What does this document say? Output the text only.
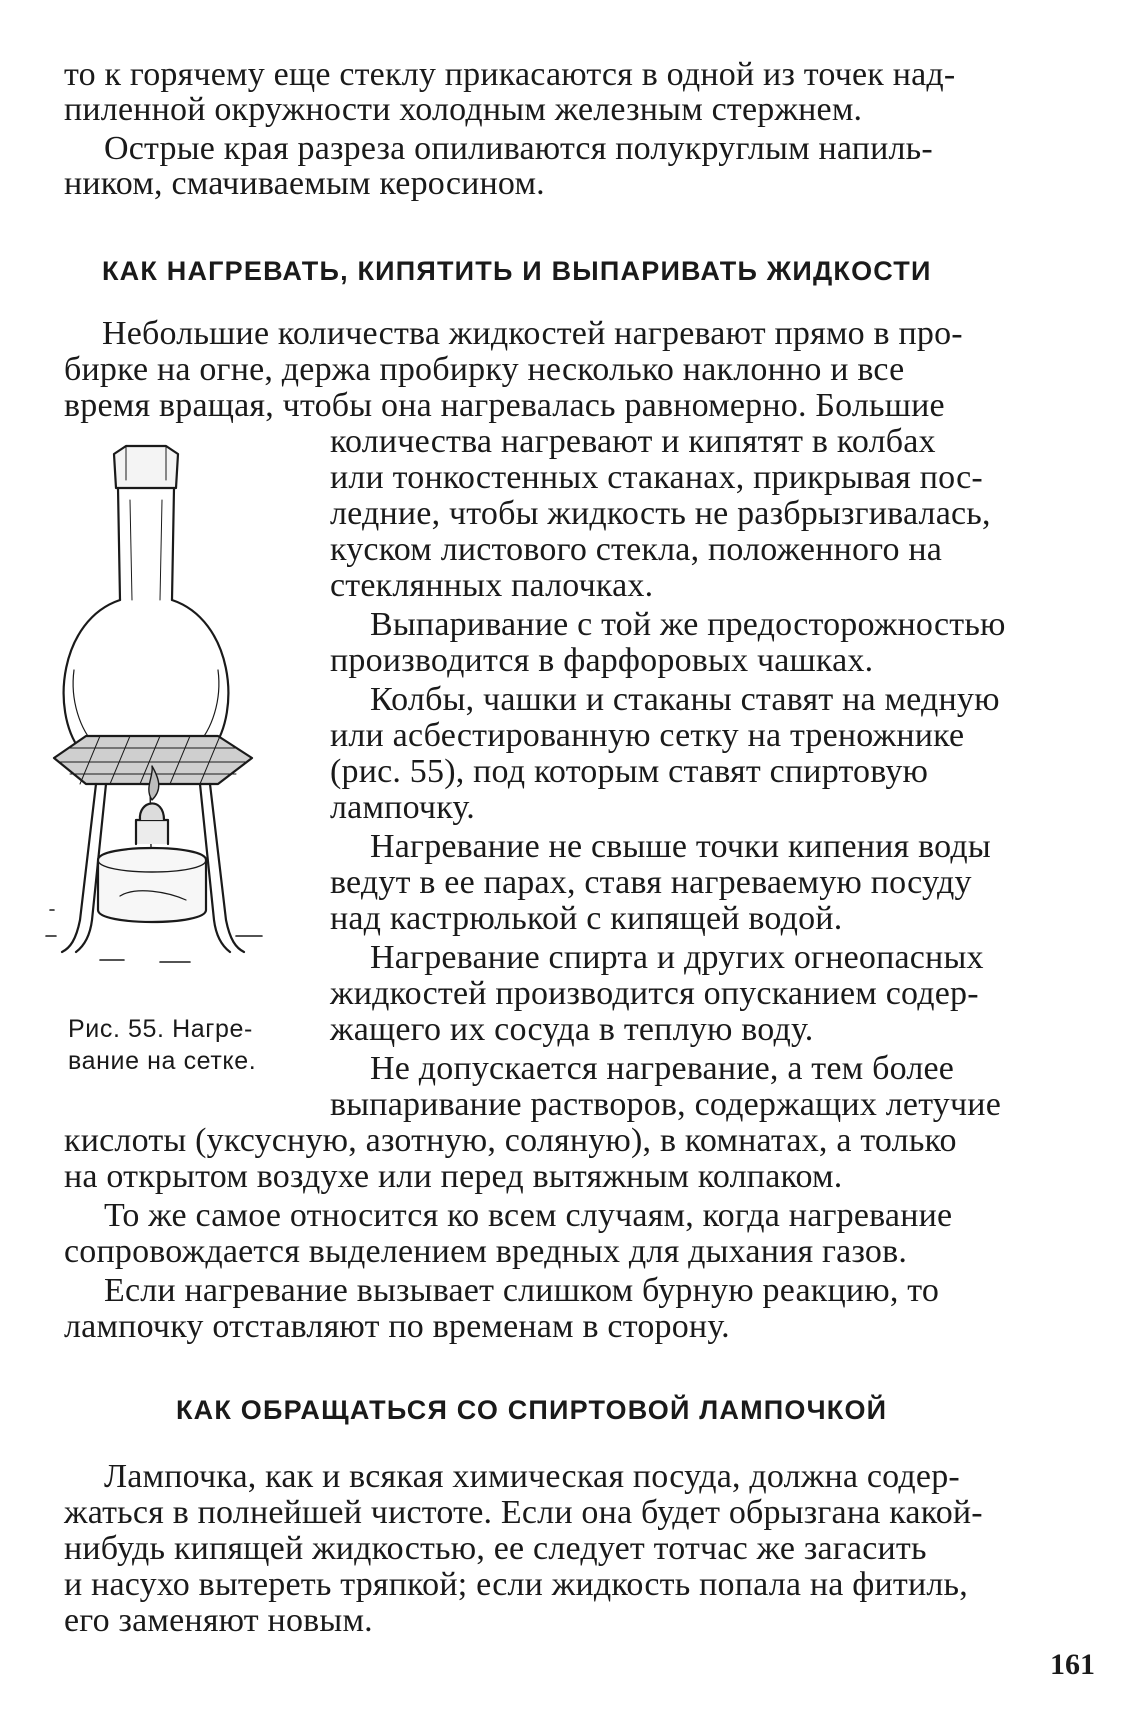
то к горячему еще стеклу прикасаются в одной из точек над-
пиленной окружности холодным железным стержнем.
Острые края разреза опиливаются полукруглым напиль-
ником, смачиваемым керосином.
КАК НАГРЕВАТЬ, КИПЯТИТЬ И ВЫПАРИВАТЬ ЖИДКОСТИ
Небольшие количества жидкостей нагревают прямо в про-
бирке на огне, держа пробирку несколько наклонно и все
время вращая, чтобы она нагревалась равномерно. Большие
количества нагревают и кипятят в колбах
или тонкостенных стаканах, прикрывая пос-
ледние, чтобы жидкость не разбрызгивалась,
куском листового стекла, положенного на
стеклянных палочках.
Выпаривание с той же предосторожностью
производится в фарфоровых чашках.
Колбы, чашки и стаканы ставят на медную
или асбестированную сетку на треножнике
(рис. 55), под которым ставят спиртовую
лампочку.
Нагревание не свыше точки кипения воды
ведут в ее парах, ставя нагреваемую посуду
над кастрюлькой с кипящей водой.
Нагревание спирта и других огнеопасных
жидкостей производится опусканием содер-
жащего их сосуда в теплую воду.
Не допускается нагревание, а тем более
выпаривание растворов, содержащих летучие
кислоты (уксусную, азотную, соляную), в комнатах, а только
на открытом воздухе или перед вытяжным колпаком.
То же самое относится ко всем случаям, когда нагревание
сопровождается выделением вредных для дыхания газов.
Если нагревание вызывает слишком бурную реакцию, то
лампочку отставляют по временам в сторону.
Рис. 55. Нагре-
вание на сетке.
КАК ОБРАЩАТЬСЯ СО СПИРТОВОЙ ЛАМПОЧКОЙ
Лампочка, как и всякая химическая посуда, должна содер-
жаться в полнейшей чистоте. Если она будет обрызгана какой-
нибудь кипящей жидкостью, ее следует тотчас же загасить
и насухо вытереть тряпкой; если жидкость попала на фитиль,
его заменяют новым.
161
